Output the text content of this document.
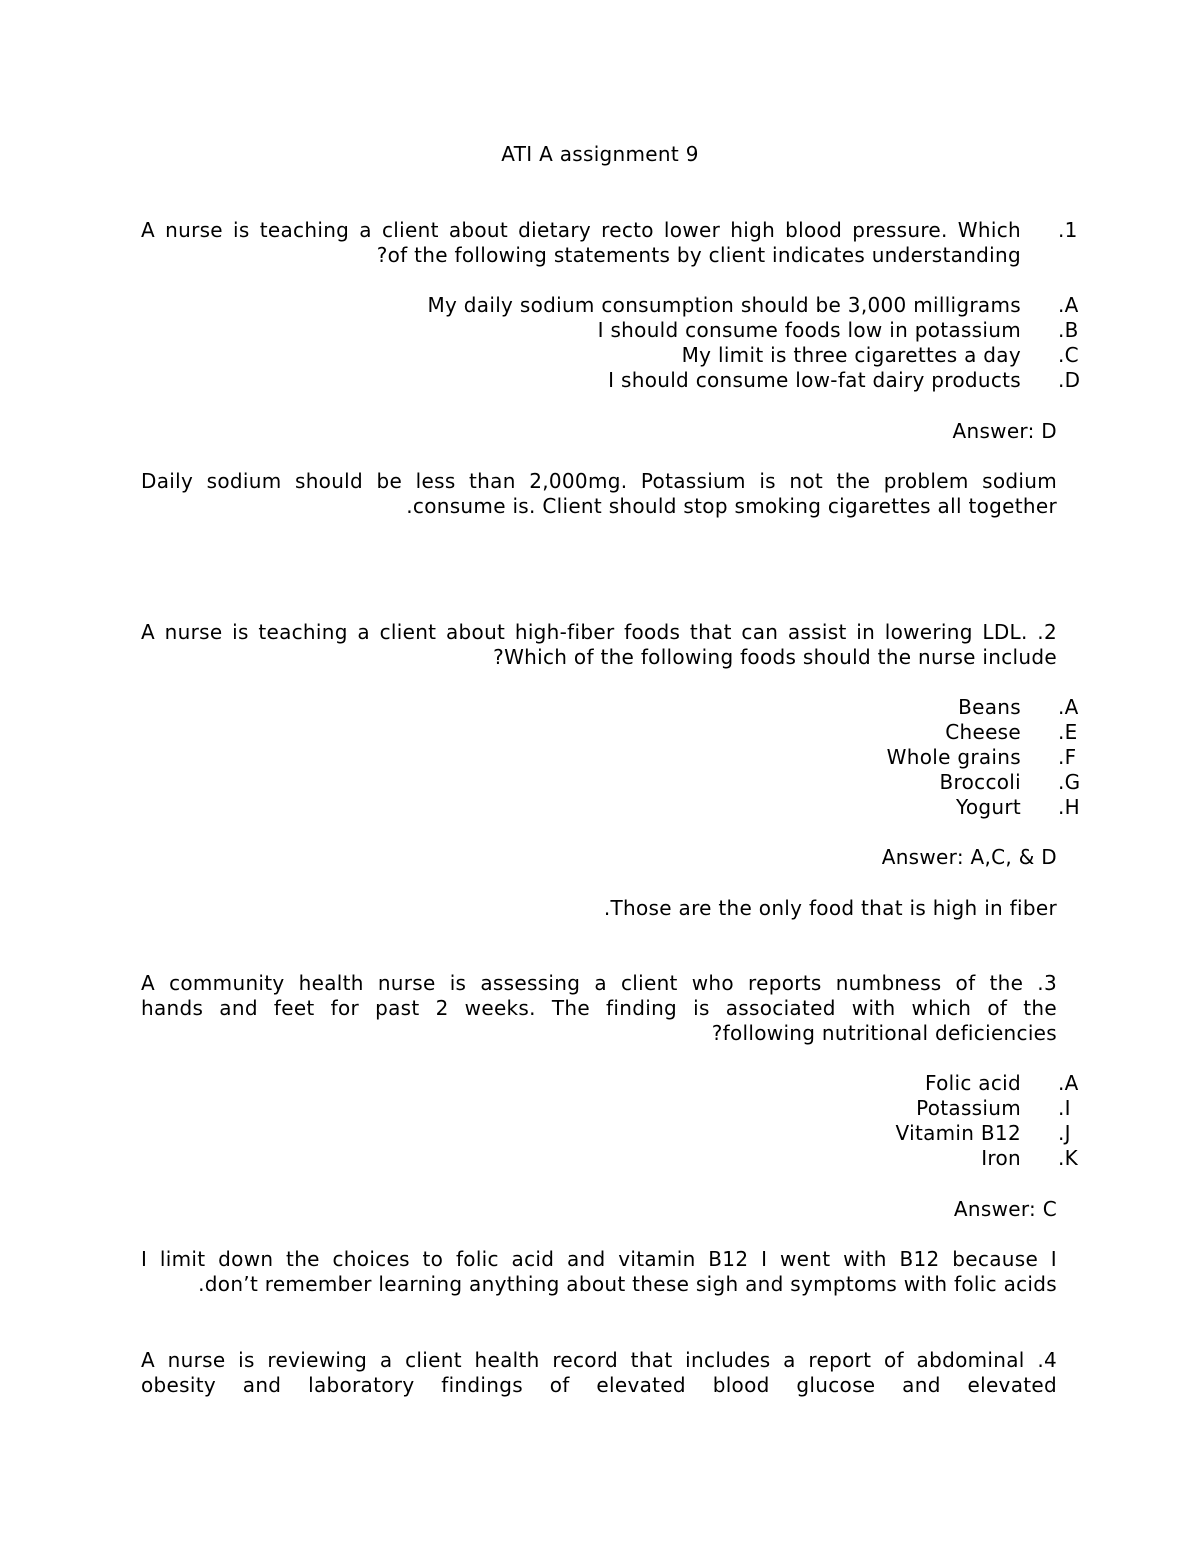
ATI A assignment 9
A nurse is teaching a client about dietary recto lower high blood pressure. Which .1
?of the following statements by client indicates understanding
My daily sodium consumption should be 3,000 milligrams .A
I should consume foods low in potassium .B
My limit is three cigarettes a day .C
I should consume low-fat dairy products .D
Answer: D
Daily sodium should be less than 2,000mg. Potassium is not the problem sodium
.consume is. Client should stop smoking cigarettes all together
A nurse is teaching a client about high-fiber foods that can assist in lowering LDL. .2
?Which of the following foods should the nurse include
Beans .A
Cheese .E
Whole grains .F
Broccoli .G
Yogurt .H
Answer: A,C, & D
.Those are the only food that is high in fiber
A community health nurse is assessing a client who reports numbness of the .3
hands and feet for past 2 weeks. The finding is associated with which of the
?following nutritional deficiencies
Folic acid .A
Potassium .I
Vitamin B12 .J
Iron .K
Answer: C
I limit down the choices to folic acid and vitamin B12 I went with B12 because I
.don’t remember learning anything about these sigh and symptoms with folic acids
A nurse is reviewing a client health record that includes a report of abdominal .4
obesity and laboratory findings of elevated blood glucose and elevated
